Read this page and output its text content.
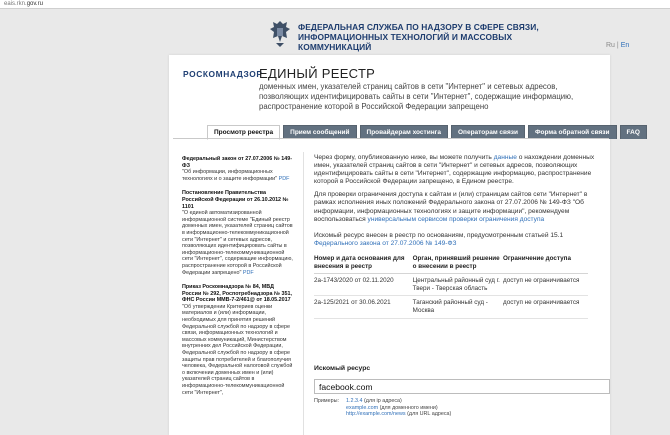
eais.rkn.gov.ru
ФЕДЕРАЛЬНАЯ СЛУЖБА ПО НАДЗОРУ В СФЕРЕ СВЯЗИ, ИНФОРМАЦИОННЫХ ТЕХНОЛОГИЙ И МАССОВЫХ КОММУНИКАЦИЙ	Ru | En
РОСКОМНАДЗОР
ЕДИНЫЙ РЕЕСТР
доменных имен, указателей страниц сайтов в сети "Интернет" и сетевых адресов, позволяющих идентифицировать сайты в сети "Интернет", содержащие информацию, распространение которой в Российской Федерации запрещено
Просмотр реестра	Прием сообщений	Провайдерам хостинга	Операторам связи	Форма обратной связи	FAQ
Федеральный закон от 27.07.2006 № 149-ФЗ
"Об информации, информационных технологиях и о защите информации" PDF
Постановление Правительства Российской Федерации от 26.10.2012 № 1101
"О единой автоматизированной информационной системе "Единый реестр доменных имен, указателей страниц сайтов в информационно-телекоммуникационной сети "Интернет" и сетевых адресов, позволяющих идентифицировать сайты в информационно-телекоммуникационной сети "Интернет", содержащие информацию, распространение которой в Российской Федерации запрещено" PDF
Приказ Роскомнадзора № 84, МВД России № 292, Роспотребнадзора № 351, ФНС России ММВ-7-2/461@ от 18.05.2017
"Об утверждении Критериев оценки материалов и (или) информации, необходимых для принятия решений Федеральной службой по надзору в сфере связи, информационных технологий и массовых коммуникаций, Министерством внутренних дел Российской Федерации, Федеральной службой по надзору в сфере защиты прав потребителей и благополучия человека, Федеральной налоговой службой о включении доменных имен и (или) указателей страниц сайтов в информационно-телекоммуникационной сети "Интернет",

Через форму, опубликованную ниже, вы можете получить данные о нахождении доменных имен, указателей страниц сайтов в сети "Интернет" и сетевых адресов, позволяющих идентифицировать сайты в сети "Интернет", содержащие информацию, распространение которой в Российской Федерации запрещено, в Едином реестре.

Для проверки ограничения доступа к сайтам и (или) страницам сайтов сети "Интернет" в рамках исполнения иных положений Федерального закона от 27.07.2006 № 149-ФЗ "Об информации, информационных технологиях и защите информации", рекомендуем воспользоваться универсальным сервисом проверки ограничения доступа

Искомый ресурс внесен в реестр по основаниям, предусмотренным статьей 15.1 Федерального закона от 27.07.2006 № 149-ФЗ

Номер и дата основания для внесения в реестр	Орган, принявший решение о внесении в реестр	Ограничение доступа
2а-1743/2020 от 02.11.2020	Центральный районный суд г. Твери - Тверская область	доступ не ограничивается
2а-125/2021 от 30.06.2021	Таганский районный суд - Москва	доступ не ограничивается
Искомый ресурс
facebook.com
Примеры:	1.2.3.4
(для ip адреса)
example.com
(для доменного имени)
http://example.com/news
(для URL адреса)
